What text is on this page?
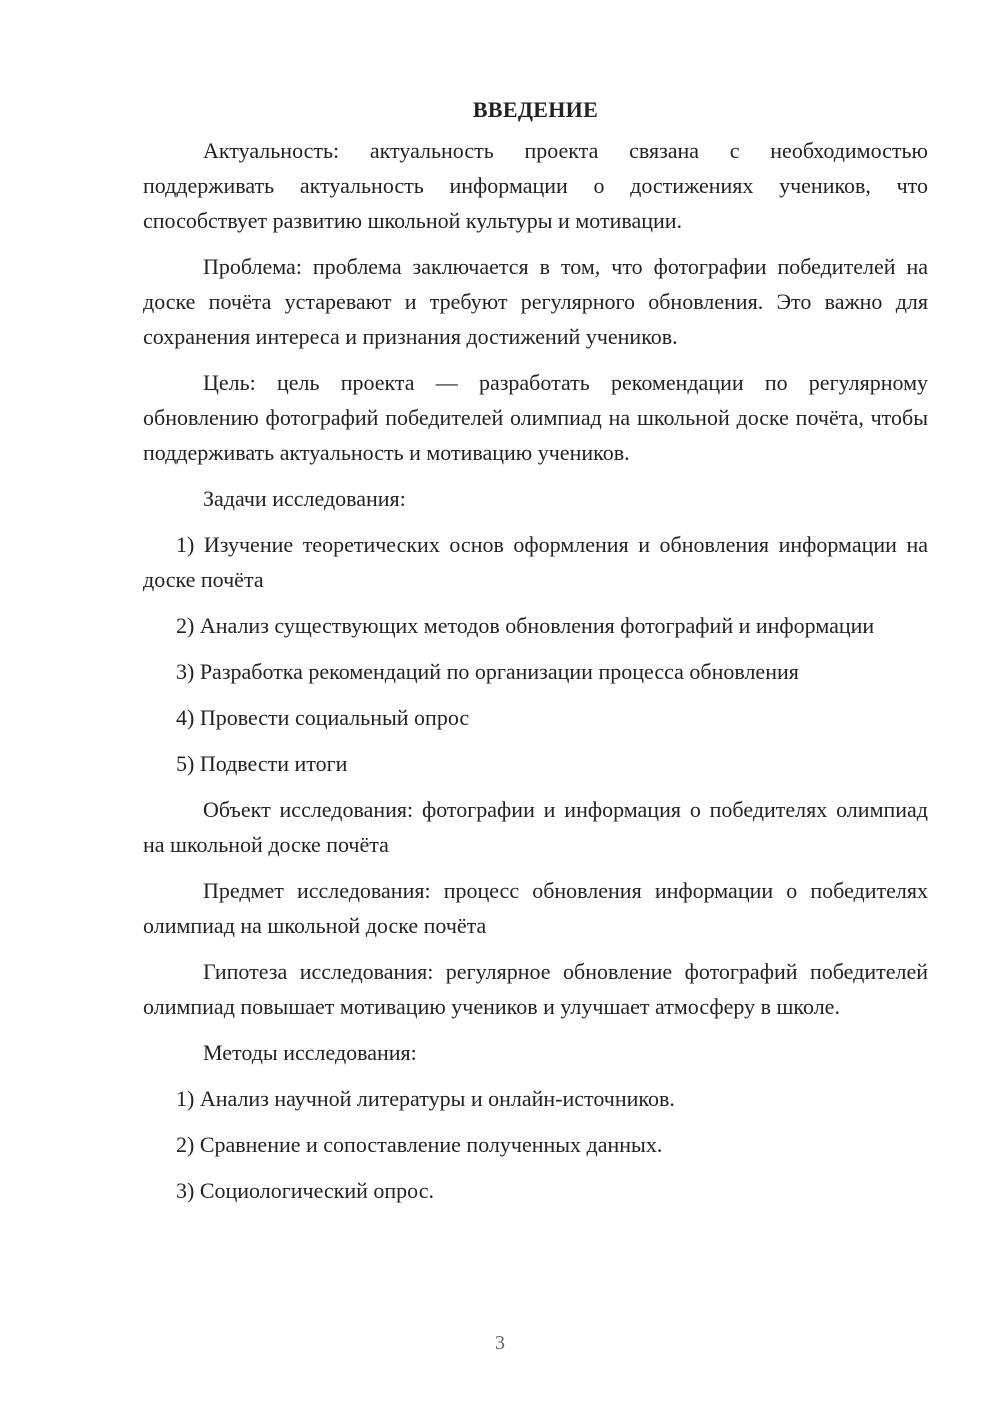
ВВЕДЕНИЕ

Актуальность: актуальность проекта связана с необходимостью поддерживать актуальность информации о достижениях учеников, что способствует развитию школьной культуры и мотивации.

Проблема: проблема заключается в том, что фотографии победителей на доске почёта устаревают и требуют регулярного обновления. Это важно для сохранения интереса и признания достижений учеников.

Цель: цель проекта — разработать рекомендации по регулярному обновлению фотографий победителей олимпиад на школьной доске почёта, чтобы поддерживать актуальность и мотивацию учеников.

Задачи исследования:

1) Изучение теоретических основ оформления и обновления информации на доске почёта

2) Анализ существующих методов обновления фотографий и информации

3) Разработка рекомендаций по организации процесса обновления

4) Провести социальный опрос

5) Подвести итоги

Объект исследования: фотографии и информация о победителях олимпиад на школьной доске почёта

Предмет исследования: процесс обновления информации о победителях олимпиад на школьной доске почёта

Гипотеза исследования: регулярное обновление фотографий победителей олимпиад повышает мотивацию учеников и улучшает атмосферу в школе.

Методы исследования:

1) Анализ научной литературы и онлайн-источников.

2) Сравнение и сопоставление полученных данных.

3) Социологический опрос.

3
